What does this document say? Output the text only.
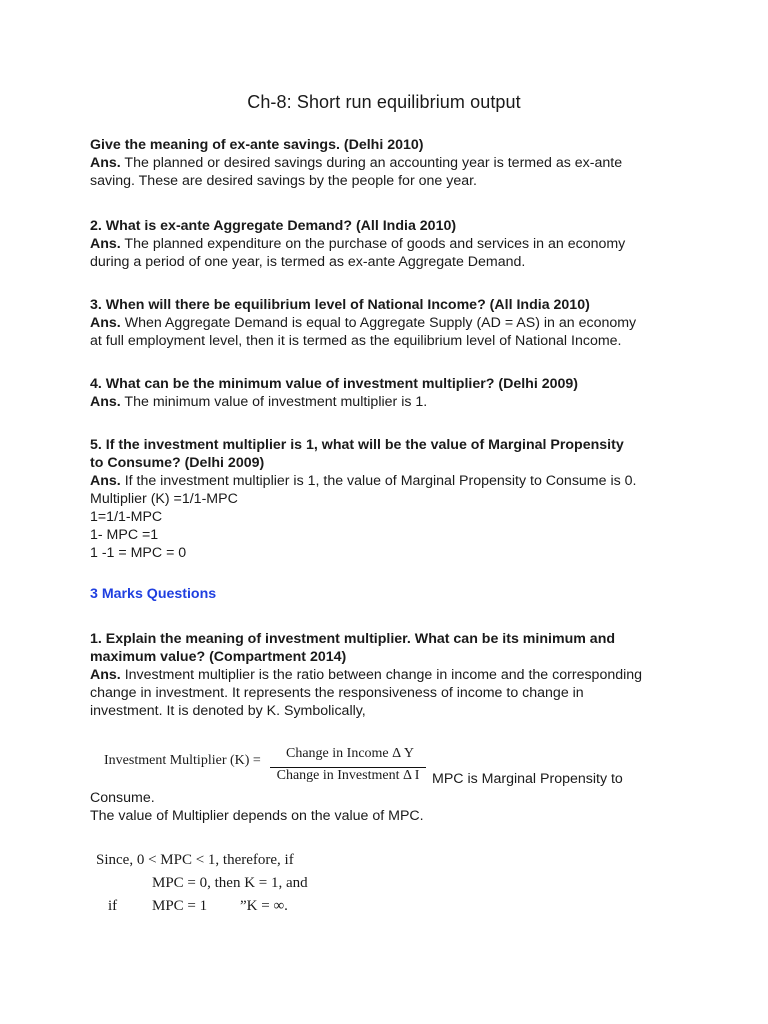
Ch-8: Short run equilibrium output

Give the meaning of ex-ante savings. (Delhi 2010)

Ans. The planned or desired savings during an accounting year is termed as ex-ante

saving. These are desired savings by the people for one year.

2. What is ex-ante Aggregate Demand? (All India 2010)

Ans. The planned expenditure on the purchase of goods and services in an economy

during a period of one year, is termed as ex-ante Aggregate Demand.

3. When will there be equilibrium level of National Income? (All India 2010)

Ans. When Aggregate Demand is equal to Aggregate Supply (AD = AS) in an economy

at full employment level, then it is termed as the equilibrium level of National Income.

4. What can be the minimum value of investment multiplier? (Delhi 2009)

Ans. The minimum value of investment multiplier is 1.

5. If the investment multiplier is 1, what will be the value of Marginal Propensity

to Consume? (Delhi 2009)

Ans. If the investment multiplier is 1, the value of Marginal Propensity to Consume is 0.

Multiplier (K) =1/1-MPC

1=1/1-MPC

1- MPC =1

1 -1 = MPC = 0

3 Marks Questions

1. Explain the meaning of investment multiplier. What can be its minimum and

maximum value? (Compartment 2014)

Ans. Investment multiplier is the ratio between change in income and the corresponding

change in investment. It represents the responsiveness of income to change in

investment. It is denoted by K. Symbolically,

Investment Multiplier (K) =	Change in Income Δ Y
Change in Investment Δ I MPC is Marginal Propensity to

Consume.

The value of Multiplier depends on the value of MPC.

Since, 0 < MPC < 1, therefore, if
MPC = 0, then K = 1, and
if MPC = 1 ”K = ∞.
